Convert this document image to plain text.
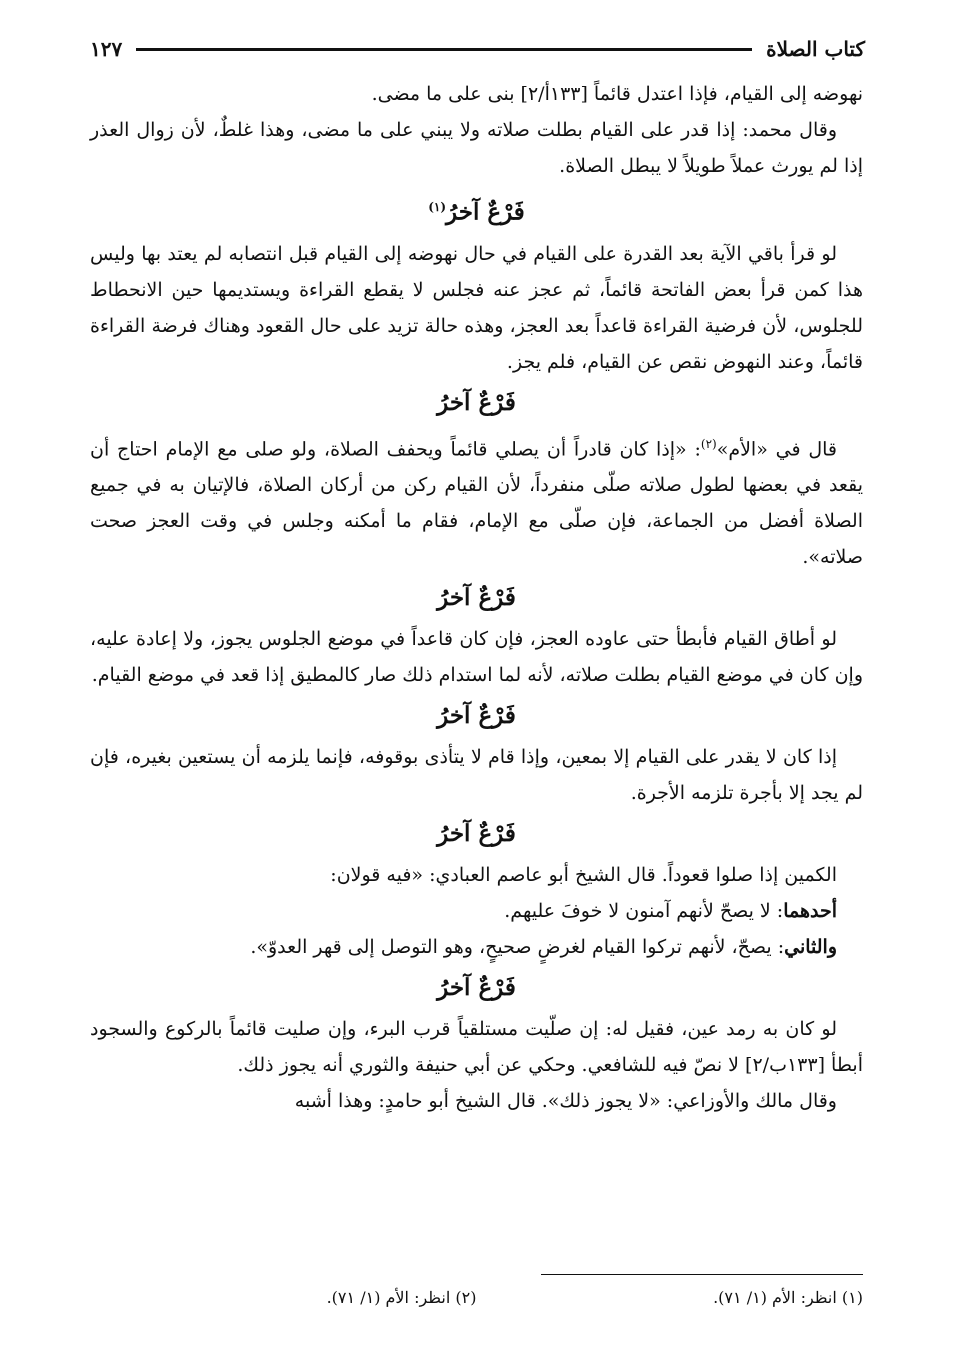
كتاب الصلاة
١٢٧

نهوضه إلى القيام، فإذا اعتدل قائماً [١٣٣أ/٢] بنى على ما مضى.

وقال محمد: إذا قدر على القيام بطلت صلاته ولا يبني على ما مضى، وهذا غلطٌ، لأن زوال العذر إذا لم يورث عملاً طويلاً لا يبطل الصلاة.

فَرْعٌ آخرُ$^{(١)}$

لو قرأ باقي الآية بعد القدرة على القيام في حال نهوضه إلى القيام قبل انتصابه لم يعتد بها وليس هذا كمن قرأ بعض الفاتحة قائماً، ثم عجز عنه فجلس لا يقطع القراءة ويستديمها حين الانحطاط للجلوس، لأن فرضية القراءة قاعداً بعد العجز، وهذه حالة تزيد على حال القعود وهناك فرضة القراءة قائماً، وعند النهوض نقص عن القيام، فلم يجز.

فَرْعٌ آخرُ

قال في «الأم»$^{(٢)}$: «إذا كان قادراً أن يصلي قائماً ويحفف الصلاة، ولو صلى مع الإمام احتاج أن يقعد في بعضها لطول صلاته صلّى منفرداً، لأن القيام ركن من أركان الصلاة، فالإتيان به في جميع الصلاة أفضل من الجماعة، فإن صلّى مع الإمام، فقام ما أمكنه وجلس في وقت العجز صحت صلاته».

فَرْعٌ آخرُ

لو أطاق القيام فأبطأ حتى عاوده العجز، فإن كان قاعداً في موضع الجلوس يجوز، ولا إعادة عليه، وإن كان في موضع القيام بطلت صلاته، لأنه لما استدام ذلك صار كالمطيق إذا قعد في موضع القيام.

فَرْعٌ آخرُ

إذا كان لا يقدر على القيام إلا بمعين، وإذا قام لا يتأذى بوقوفه، فإنما يلزمه أن يستعين بغيره، فإن لم يجد إلا بأجرة تلزمه الأجرة.

فَرْعٌ آخرُ

الكمين إذا صلوا قعوداً. قال الشيخ أبو عاصم العبادي: «فيه قولان:

أحدهما: لا يصحّ لأنهم آمنون لا خوفَ عليهم.

والثاني: يصحّ، لأنهم تركوا القيام لغرضٍ صحيحٍ، وهو التوصل إلى قهر العدوّ».

فَرْعٌ آخرُ

لو كان به رمد عين، فقيل له: إن صلّيت مستلقياً قرب البرء، وإن صليت قائماً بالركوع والسجود أبطأ [١٣٣ب/٢] لا نصّ فيه للشافعي. وحكي عن أبي حنيفة والثوري أنه يجوز ذلك.

وقال مالك والأوزاعي: «لا يجوز ذلك». قال الشيخ أبو حامدٍ: وهذا أشبه

(١) انظر: الأم (١/ ٧١).
(٢) انظر: الأم (١/ ٧١).
